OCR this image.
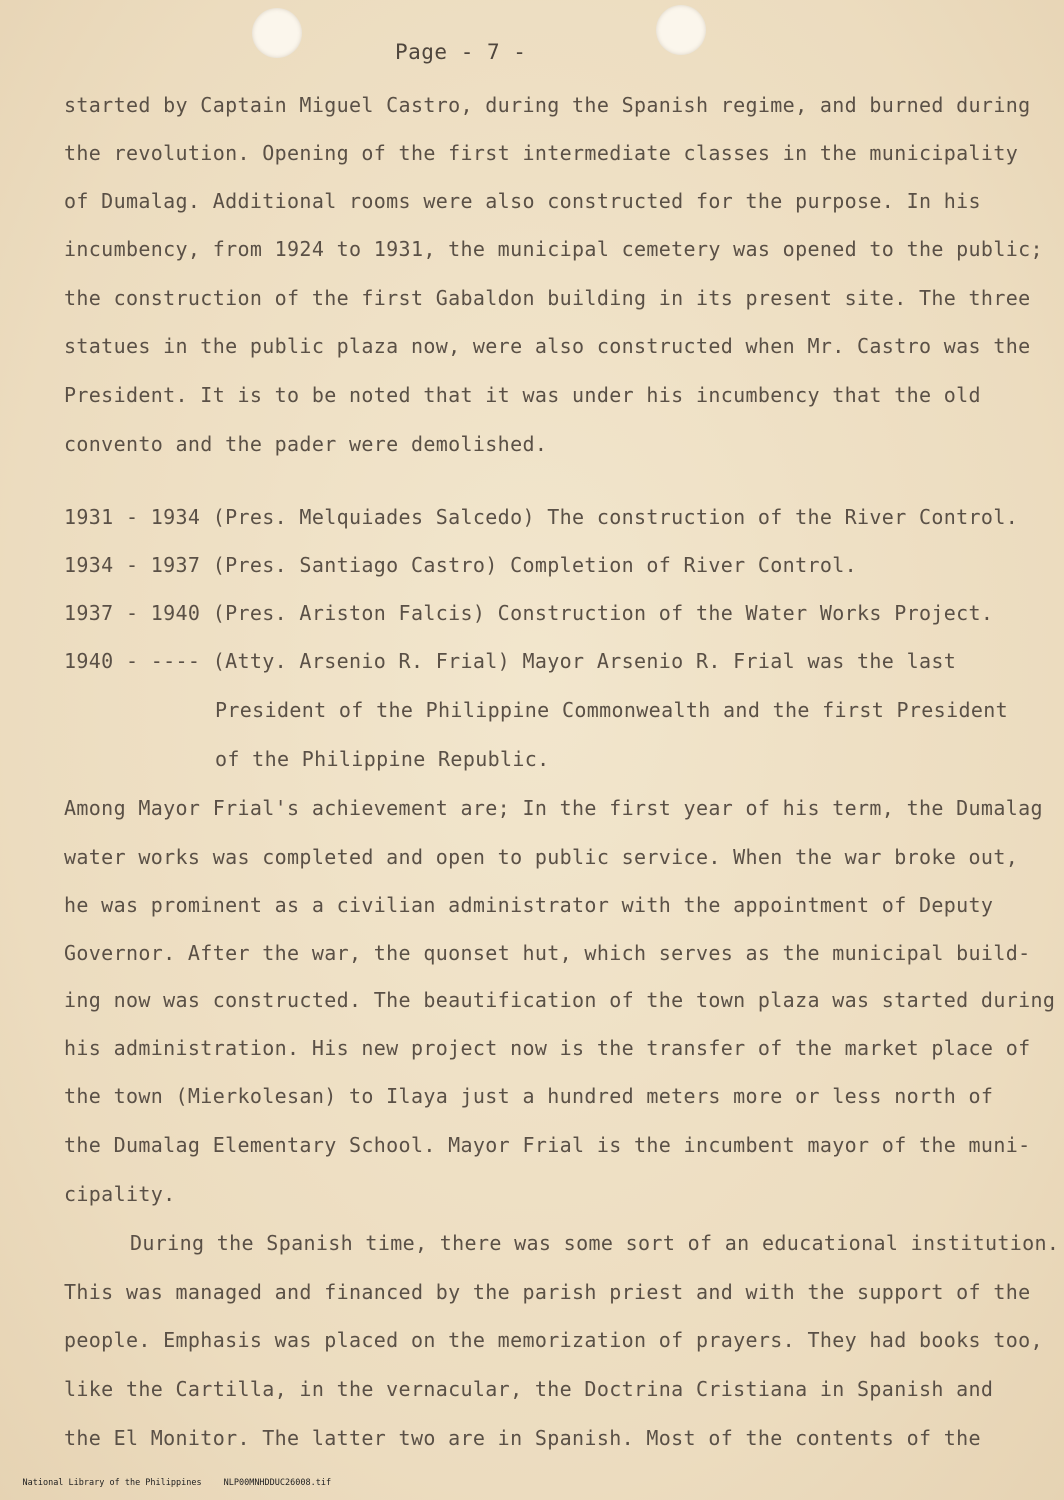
Page - 7 -
started by Captain Miguel Castro, during the Spanish regime, and burned during
the revolution. Opening of the first intermediate classes in the municipality
of Dumalag. Additional rooms were also constructed for the purpose. In his
incumbency, from 1924 to 1931, the municipal cemetery was opened to the public;
the construction of the first Gabaldon building in its present site. The three
statues in the public plaza now, were also constructed when Mr. Castro was the
President. It is to be noted that it was under his incumbency that the old
convento and the pader were demolished.
1931 - 1934 (Pres. Melquiades Salcedo) The construction of the River Control.
1934 - 1937 (Pres. Santiago Castro) Completion of River Control.
1937 - 1940 (Pres. Ariston Falcis) Construction of the Water Works Project.
1940 - ---- (Atty. Arsenio R. Frial) Mayor Arsenio R. Frial was the last
President of the Philippine Commonwealth and the first President
of the Philippine Republic.
Among Mayor Frial's achievement are; In the first year of his term, the Dumalag
water works was completed and open to public service. When the war broke out,
he was prominent as a civilian administrator with the appointment of Deputy
Governor. After the war, the quonset hut, which serves as the municipal build-
ing now was constructed. The beautification of the town plaza was started during
his administration. His new project now is the transfer of the market place of
the town (Mierkolesan) to Ilaya just a hundred meters more or less north of
the Dumalag Elementary School. Mayor Frial is the incumbent mayor of the muni-
cipality.
During the Spanish time, there was some sort of an educational institution.
This was managed and financed by the parish priest and with the support of the
people. Emphasis was placed on the memorization of prayers. They had books too,
like the Cartilla, in the vernacular, the Doctrina Cristiana in Spanish and
the El Monitor. The latter two are in Spanish. Most of the contents of the

National Library of the Philippines	NLP00MNHDDUC26008.tif
